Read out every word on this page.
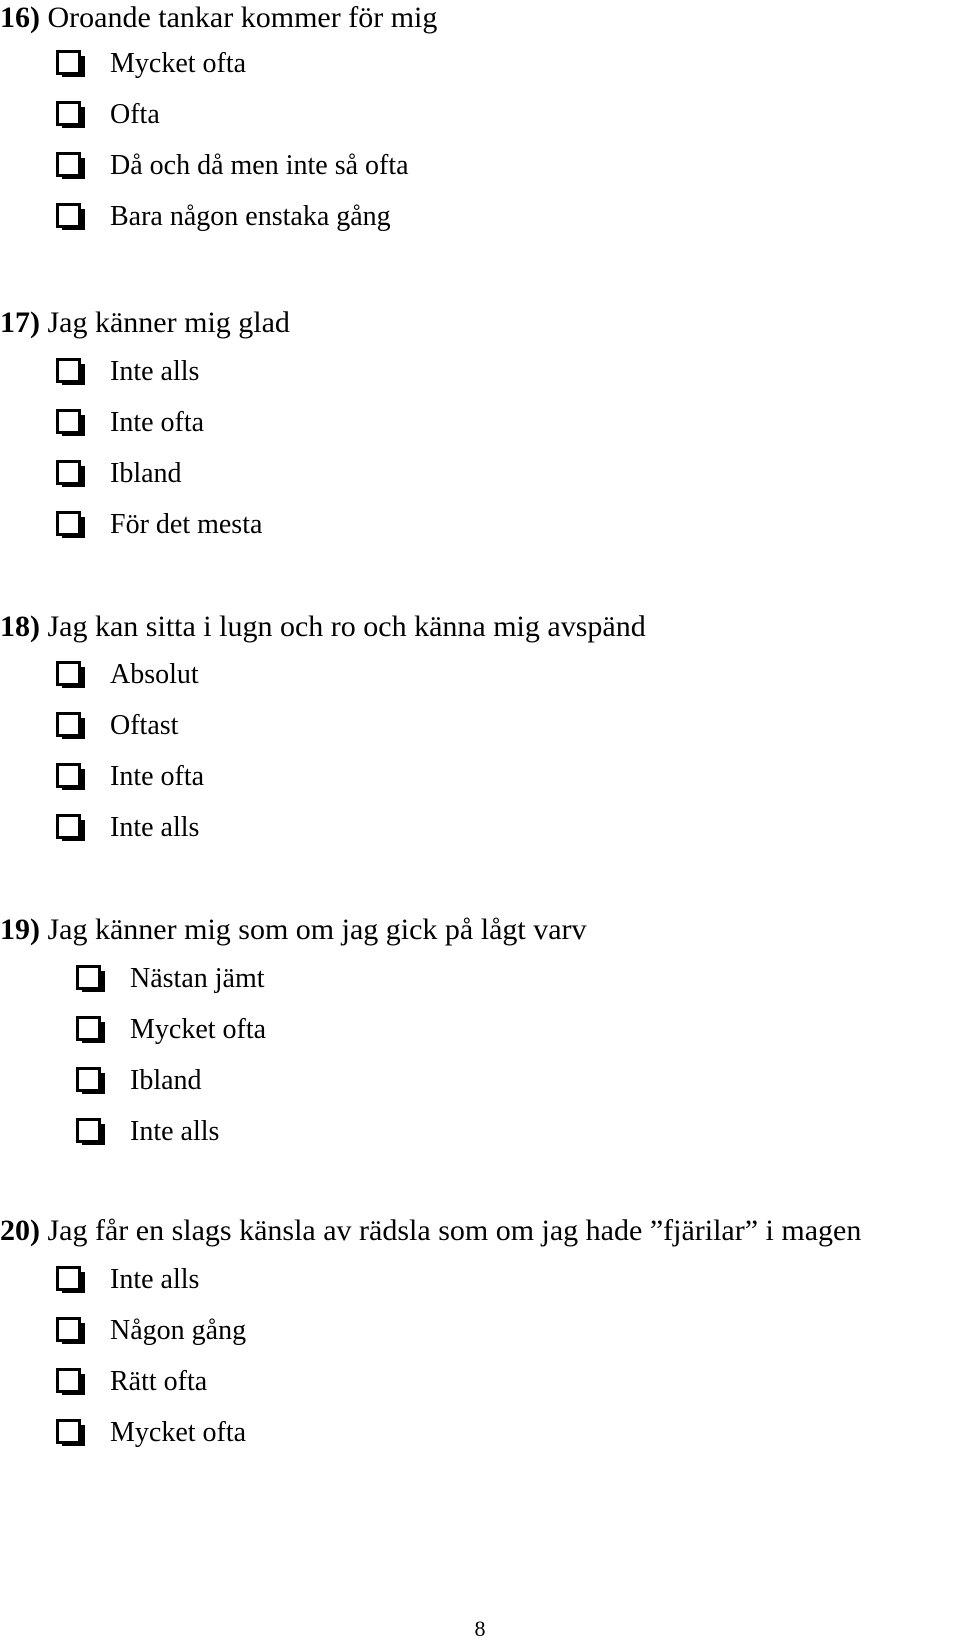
16) Oroande tankar kommer för mig
Mycket ofta
Ofta
Då och då men inte så ofta
Bara någon enstaka gång
17) Jag känner mig glad
Inte alls
Inte ofta
Ibland
För det mesta
18) Jag kan sitta i lugn och ro och känna mig avspänd
Absolut
Oftast
Inte ofta
Inte alls
19) Jag känner mig som om jag gick på lågt varv
Nästan jämt
Mycket ofta
Ibland
Inte alls
20) Jag får en slags känsla av rädsla som om jag hade ”fjärilar” i magen
Inte alls
Någon gång
Rätt ofta
Mycket ofta
8
